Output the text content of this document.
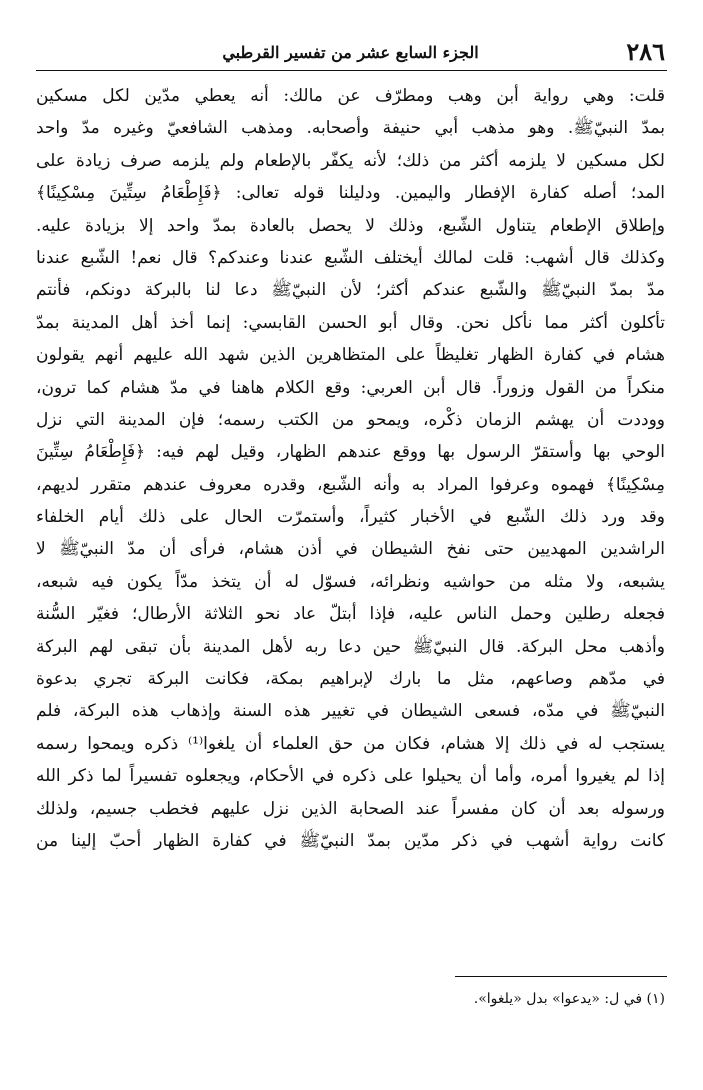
٢٨٦
الجزء السابع عشر من تفسير القرطبي
قلت: وهي رواية أبن وهب ومطرّف عن مالك: أنه يعطي مدّين لكل مسكين
بمدّ النبيّﷺ. وهو مذهب أبي حنيفة وأصحابه. ومذهب الشافعيّ وغيره مدّ واحد
لكل مسكين لا يلزمه أكثر من ذلك؛ لأنه يكفّر بالإطعام ولم يلزمه صرف زيادة على
المد؛ أصله كفارة الإفطار واليمين. ودليلنا قوله تعالى: ﴿فَإِطْعَامُ سِتِّينَ مِسْكِينًا﴾
وإطلاق الإطعام يتناول الشّبع، وذلك لا يحصل بالعادة بمدّ واحد إلا بزيادة عليه.
وكذلك قال أشهب: قلت لمالك أيختلف الشّبع عندنا وعندكم؟ قال نعم! الشّبع عندنا
مدّ بمدّ النبيّﷺ والشّبع عندكم أكثر؛ لأن النبيّﷺ دعا لنا بالبركة دونكم، فأنتم
تأكلون أكثر مما نأكل نحن. وقال أبو الحسن القابسي: إنما أخذ أهل المدينة بمدّ
هشام في كفارة الظهار تغليظاً على المتظاهرين الذين شهد الله عليهم أنهم يقولون
منكراً من القول وزوراً. قال أبن العربي: وقع الكلام هاهنا في مدّ هشام كما ترون،
ووددت أن يهشم الزمان ذكْره، ويمحو من الكتب رسمه؛ فإن المدينة التي نزل
الوحي بها وأستقرّ الرسول بها ووقع عندهم الظهار، وقيل لهم فيه: ﴿فَإِطْعَامُ سِتِّينَ
مِسْكِينًا﴾ فهموه وعرفوا المراد به وأنه الشّبع، وقدره معروف عندهم متقرر لديهم،
وقد ورد ذلك الشّبع في الأخبار كثيراً، وأستمرّت الحال على ذلك أيام الخلفاء
الراشدين المهديين حتى نفخ الشيطان في أذن هشام، فرأى أن مدّ النبيّﷺ لا
يشبعه، ولا مثله من حواشيه ونظرائه، فسوّل له أن يتخذ مدّاً يكون فيه شبعه،
فجعله رطلين وحمل الناس عليه، فإذا أبتلّ عاد نحو الثلاثة الأرطال؛ فغيّر السُّنة
وأذهب محل البركة. قال النبيّﷺ حين دعا ربه لأهل المدينة بأن تبقى لهم البركة
في مدّهم وصاعهم، مثل ما بارك لإبراهيم بمكة، فكانت البركة تجري بدعوة
النبيّﷺ في مدّه، فسعى الشيطان في تغيير هذه السنة وإذهاب هذه البركة، فلم
يستجب له في ذلك إلا هشام، فكان من حق العلماء أن يلغوا⁽¹⁾ ذكره ويمحوا رسمه
إذا لم يغيروا أمره، وأما أن يحيلوا على ذكره في الأحكام، ويجعلوه تفسيراً لما ذكر الله
ورسوله بعد أن كان مفسراً عند الصحابة الذين نزل عليهم فخطب جسيم، ولذلك
كانت رواية أشهب في ذكر مدّين بمدّ النبيّﷺ في كفارة الظهار أحبّ إلينا من
(١) في ل: «يدعوا» بدل «يلغوا».
